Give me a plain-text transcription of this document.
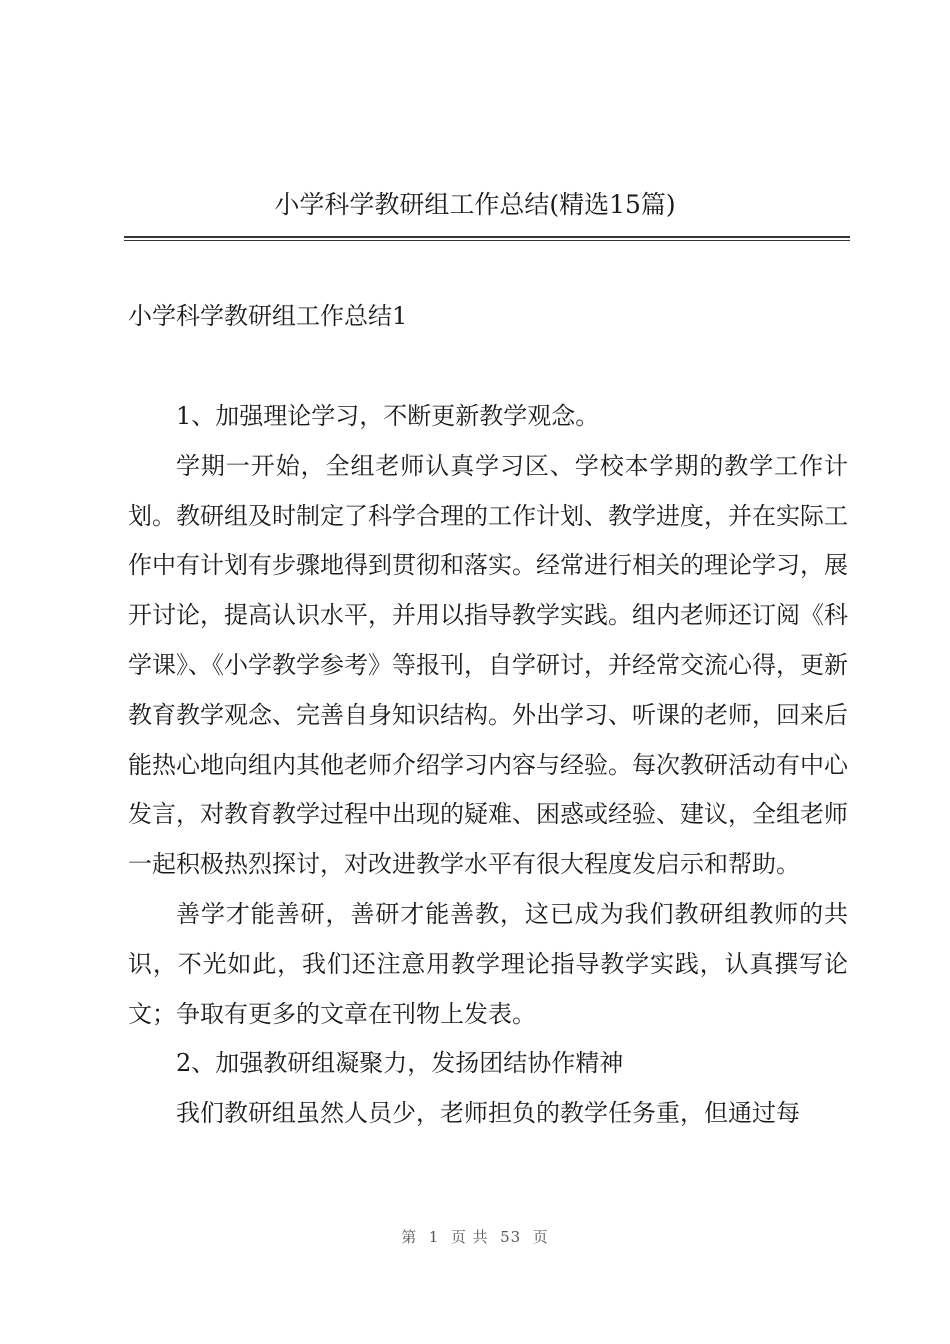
小学科学教研组工作总结(精选15篇)
小学科学教研组工作总结1

1、加强理论学习，不断更新教学观念。

学期一开始，全组老师认真学习区、学校本学期的教学工作计划。教研组及时制定了科学合理的工作计划、教学进度，并在实际工作中有计划有步骤地得到贯彻和落实。经常进行相关的理论学习，展开讨论，提高认识水平，并用以指导教学实践。组内老师还订阅《科学课》、《小学教学参考》等报刊，自学研讨，并经常交流心得，更新教育教学观念、完善自身知识结构。外出学习、听课的老师，回来后能热心地向组内其他老师介绍学习内容与经验。每次教研活动有中心发言，对教育教学过程中出现的疑难、困惑或经验、建议，全组老师一起积极热烈探讨，对改进教学水平有很大程度发启示和帮助。

善学才能善研，善研才能善教，这已成为我们教研组教师的共识，不光如此，我们还注意用教学理论指导教学实践，认真撰写论文；争取有更多的文章在刊物上发表。

2、加强教研组凝聚力，发扬团结协作精神

我们教研组虽然人员少，老师担负的教学任务重，但通过每

第  1  页 共  53  页
